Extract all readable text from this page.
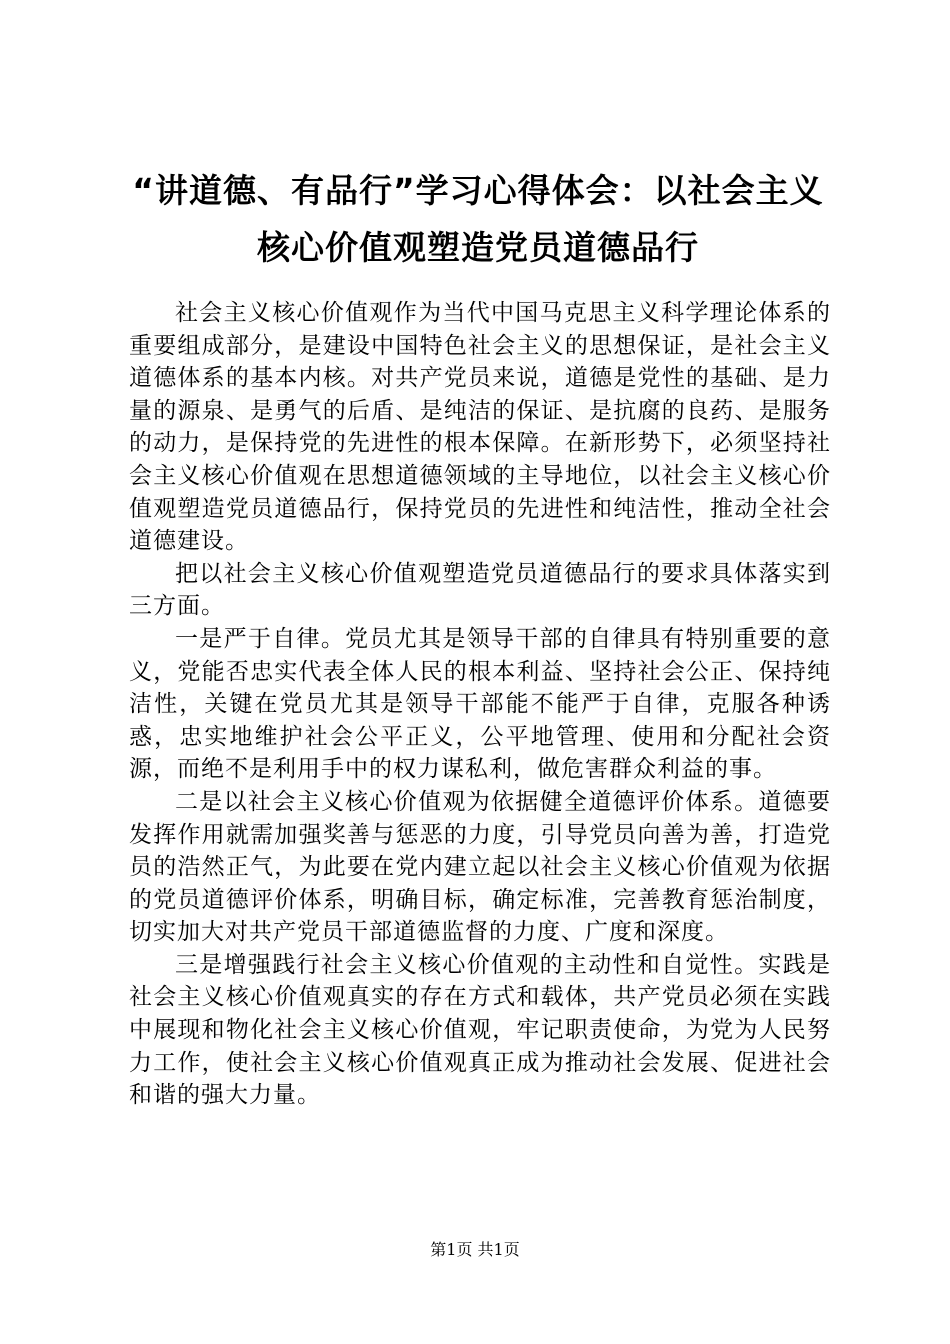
“讲道德、有品行”学习心得体会：以社会主义核心价值观塑造党员道德品行

社会主义核心价值观作为当代中国马克思主义科学理论体系的重要组成部分，是建设中国特色社会主义的思想保证，是社会主义道德体系的基本内核。对共产党员来说，道德是党性的基础、是力量的源泉、是勇气的后盾、是纯洁的保证、是抗腐的良药、是服务的动力，是保持党的先进性的根本保障。在新形势下，必须坚持社会主义核心价值观在思想道德领域的主导地位，以社会主义核心价值观塑造党员道德品行，保持党员的先进性和纯洁性，推动全社会道德建设。

把以社会主义核心价值观塑造党员道德品行的要求具体落实到三方面。

一是严于自律。党员尤其是领导干部的自律具有特别重要的意义，党能否忠实代表全体人民的根本利益、坚持社会公正、保持纯洁性，关键在党员尤其是领导干部能不能严于自律，克服各种诱惑，忠实地维护社会公平正义，公平地管理、使用和分配社会资源，而绝不是利用手中的权力谋私利，做危害群众利益的事。

二是以社会主义核心价值观为依据健全道德评价体系。道德要发挥作用就需加强奖善与惩恶的力度，引导党员向善为善，打造党员的浩然正气，为此要在党内建立起以社会主义核心价值观为依据的党员道德评价体系，明确目标，确定标准，完善教育惩治制度，切实加大对共产党员干部道德监督的力度、广度和深度。

三是增强践行社会主义核心价值观的主动性和自觉性。实践是社会主义核心价值观真实的存在方式和载体，共产党员必须在实践中展现和物化社会主义核心价值观，牢记职责使命，为党为人民努力工作，使社会主义核心价值观真正成为推动社会发展、促进社会和谐的强大力量。

第1页 共1页
